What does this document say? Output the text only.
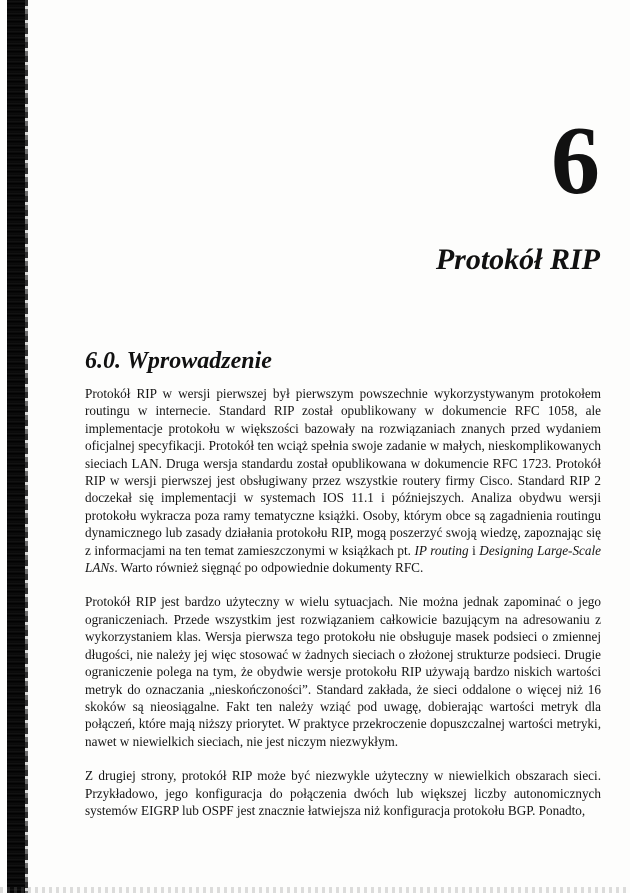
6
Protokół RIP
6.0. Wprowadzenie

Protokół RIP w wersji pierwszej był pierwszym powszechnie wykorzystywanym protokołem routingu w internecie. Standard RIP został opublikowany w dokumencie RFC 1058, ale implementacje protokołu w większości bazowały na rozwiązaniach znanych przed wydaniem oficjalnej specyfikacji. Protokół ten wciąż spełnia swoje zadanie w małych, nieskomplikowanych sieciach LAN. Druga wersja standardu został opublikowana w dokumencie RFC 1723. Protokół RIP w wersji pierwszej jest obsługiwany przez wszystkie routery firmy Cisco. Standard RIP 2 doczekał się implementacji w systemach IOS 11.1 i późniejszych. Analiza obydwu wersji protokołu wykracza poza ramy tematyczne książki. Osoby, którym obce są zagadnienia routingu dynamicznego lub zasady działania protokołu RIP, mogą poszerzyć swoją wiedzę, zapoznając się z informacjami na ten temat zamieszczonymi w książkach pt. IP routing i Designing Large-Scale LANs. Warto również sięgnąć po odpowiednie dokumenty RFC.

Protokół RIP jest bardzo użyteczny w wielu sytuacjach. Nie można jednak zapominać o jego ograniczeniach. Przede wszystkim jest rozwiązaniem całkowicie bazującym na adresowaniu z wykorzystaniem klas. Wersja pierwsza tego protokołu nie obsługuje masek podsieci o zmiennej długości, nie należy jej więc stosować w żadnych sieciach o złożonej strukturze podsieci. Drugie ograniczenie polega na tym, że obydwie wersje protokołu RIP używają bardzo niskich wartości metryk do oznaczania „nieskończoności”. Standard zakłada, że sieci oddalone o więcej niż 16 skoków są nieosiągalne. Fakt ten należy wziąć pod uwagę, dobierając wartości metryk dla połączeń, które mają niższy priorytet. W praktyce przekroczenie dopuszczalnej wartości metryki, nawet w niewielkich sieciach, nie jest niczym niezwykłym.

Z drugiej strony, protokół RIP może być niezwykle użyteczny w niewielkich obszarach sieci. Przykładowo, jego konfiguracja do połączenia dwóch lub większej liczby autonomicznych systemów EIGRP lub OSPF jest znacznie łatwiejsza niż konfiguracja protokołu BGP. Ponadto,
